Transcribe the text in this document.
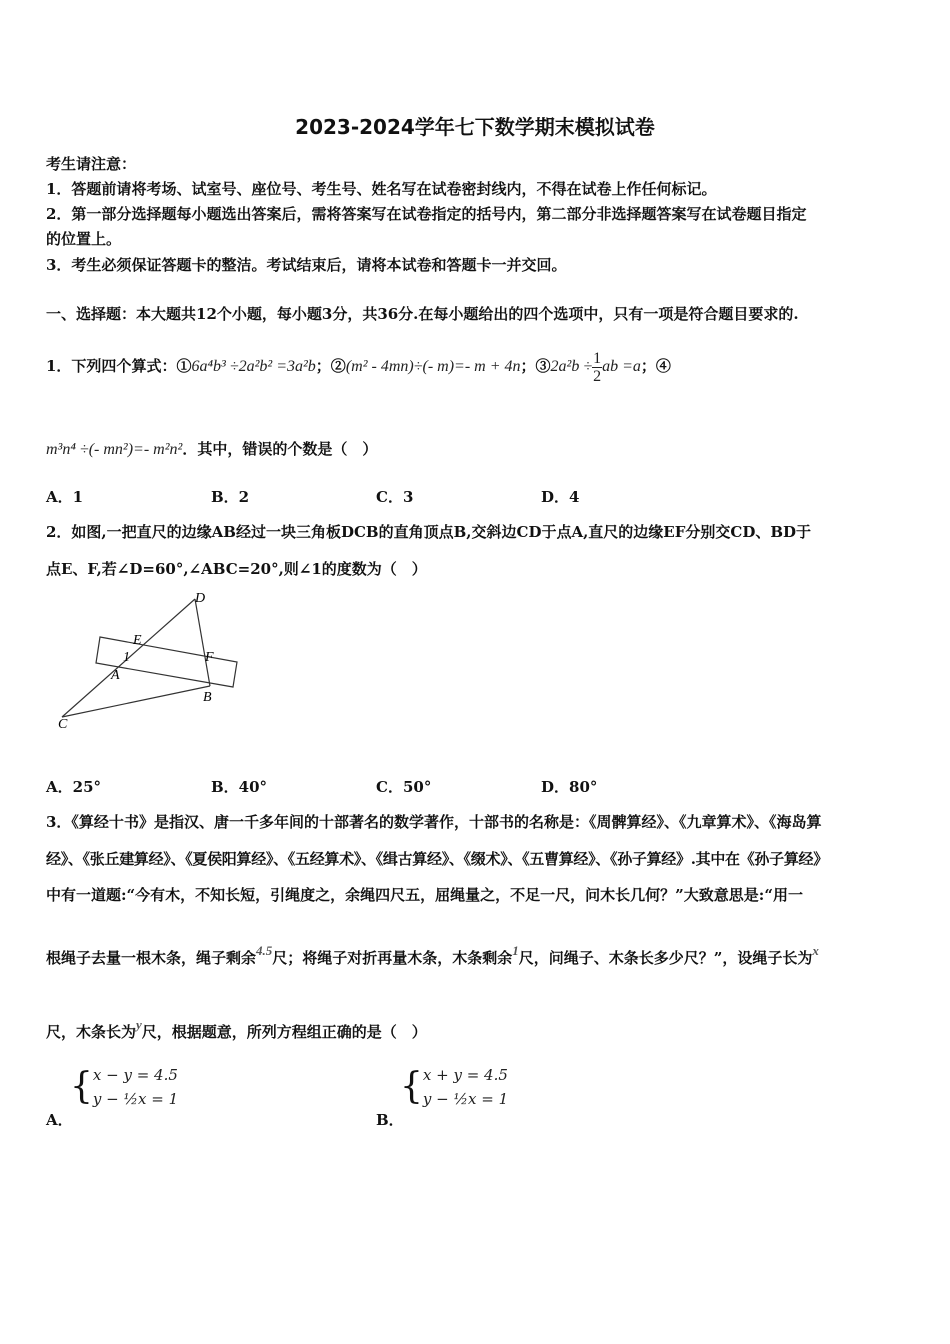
2023-2024学年七下数学期末模拟试卷
考生请注意：
1．答题前请将考场、试室号、座位号、考生号、姓名写在试卷密封线内，不得在试卷上作任何标记。
2．第一部分选择题每小题选出答案后，需将答案写在试卷指定的括号内，第二部分非选择题答案写在试卷题目指定
的位置上。
3．考生必须保证答题卡的整洁。考试结束后，请将本试卷和答题卡一并交回。
一、选择题：本大题共12个小题，每小题3分，共36分.在每小题给出的四个选项中，只有一项是符合题目要求的.
1．下列四个算式：①6a⁴b³ ÷2a²b² =3a²b；②(m² - 4mn)÷(- m)=- m + 4n；③2a²b ÷ $\frac{1}{2}$ ab =a；④
m³n⁴ ÷(- mn²)=- m²n²．其中，错误的个数是（　）
A．1	B．2	C．3	D．4
2．如图,一把直尺的边缘AB经过一块三角板DCB的直角顶点B,交斜边CD于点A,直尺的边缘EF分别交CD、BD于
点E、F,若∠D=60°,∠ABC=20°,则∠1的度数为（　）
D
E
1	F
A
B
C
A．25°	B．40°	C．50°	D．80°
3．《算经十书》是指汉、唐一千多年间的十部著名的数学著作，十部书的名称是：《周髀算经》、《九章算术》、《海岛算
经》、《张丘建算经》、《夏侯阳算经》、《五经算术》、《缉古算经》、《缀术》、《五曹算经》、《孙子算经》.其中在《孙子算经》
中有一道题:“今有木，不知长短，引绳度之，余绳四尺五，屈绳量之，不足一尺，问木长几何？”大致意思是:“用一
根绳子去量一根木条，绳子剩余4.5尺；将绳子对折再量木条，木条剩余1尺，问绳子、木条长多少尺？”，设绳子长为x
尺，木条长为y尺，根据题意，所列方程组正确的是（　）
{ x − y = 4.5
y − ½x = 1
A．
{ x + y = 4.5
y − ½x = 1
B．
